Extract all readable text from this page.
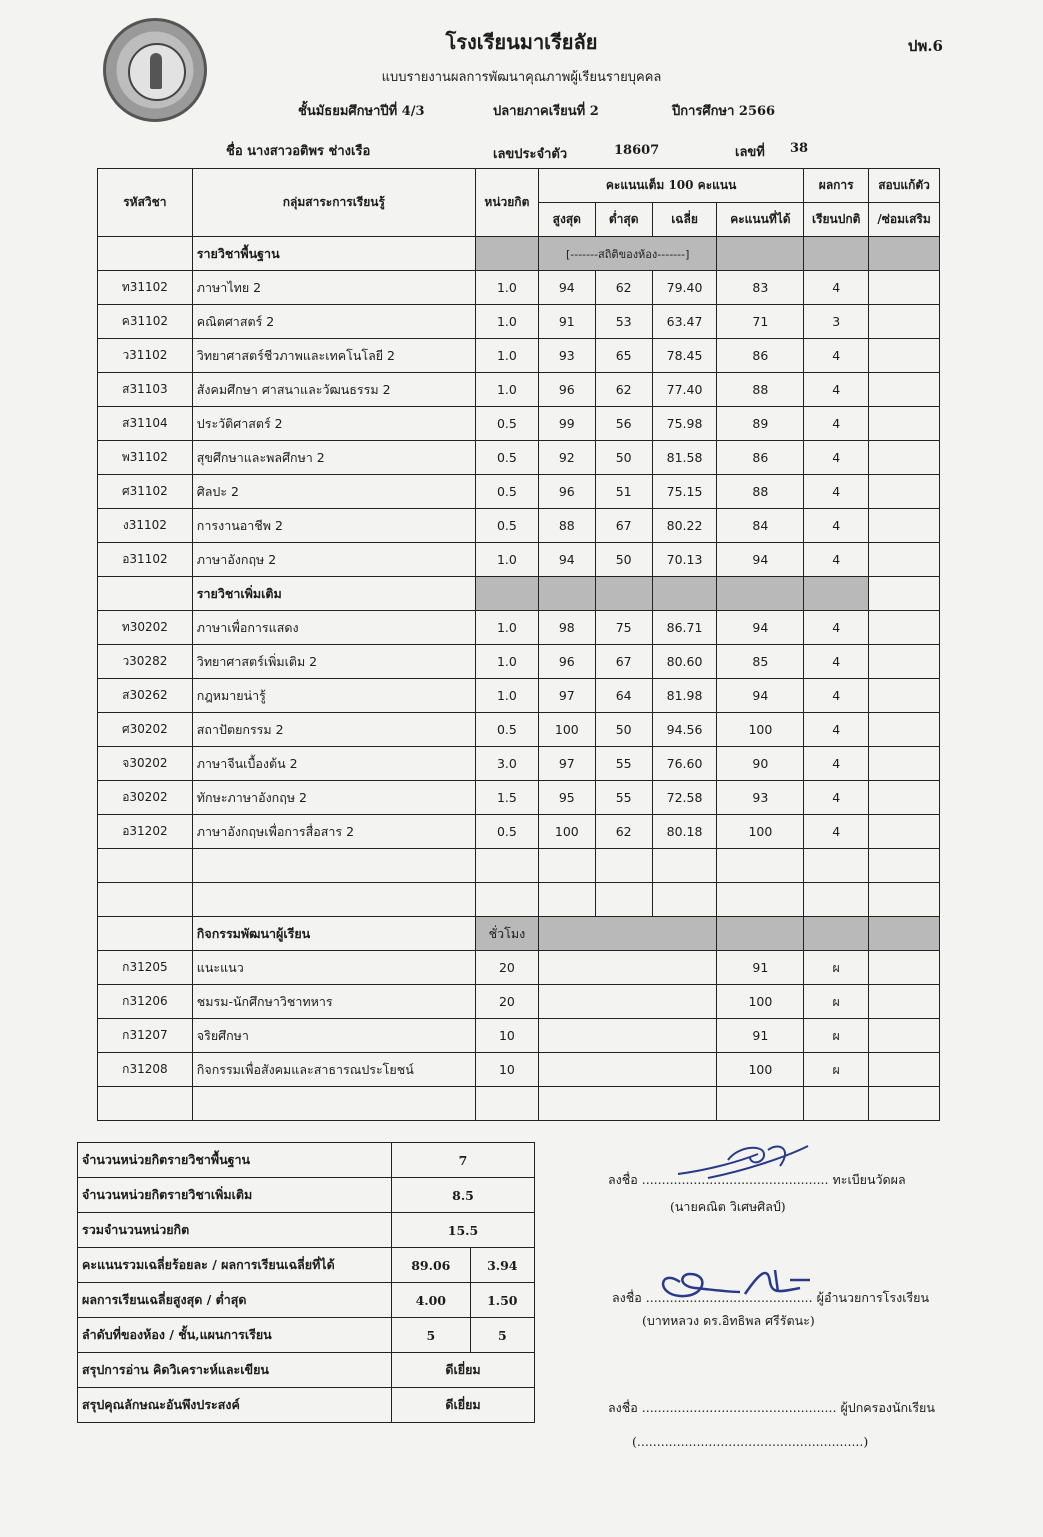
โรงเรียนมาเรียลัย	ปพ.6
แบบรายงานผลการพัฒนาคุณภาพผู้เรียนรายบุคคล
ชั้นมัธยมศึกษาปีที่ 4/3	ปลายภาคเรียนที่ 2	ปีการศึกษา 2566
ชื่อ นางสาวอติพร ช่างเรือ	เลขประจำตัว	18607	เลขที่ 38
รหัสวิชา	กลุ่มสาระการเรียนรู้	หน่วยกิต	คะแนนเต็ม 100 คะแนน				ผลการ	สอบแก้ตัว
			สูงสุด	ต่ำสุด	เฉลี่ย	คะแนนที่ได้	เรียนปกติ	/ซ่อมเสริม
	รายวิชาพื้นฐาน		[-------สถิติของห้อง-------]					
ท31102	ภาษาไทย 2	1.0	94	62	79.40	83	4	
ค31102	คณิตศาสตร์ 2	1.0	91	53	63.47	71	3	
ว31102	วิทยาศาสตร์ชีวภาพและเทคโนโลยี 2	1.0	93	65	78.45	86	4	
ส31103	สังคมศึกษา ศาสนาและวัฒนธรรม 2	1.0	96	62	77.40	88	4	
ส31104	ประวัติศาสตร์ 2	0.5	99	56	75.98	89	4	
พ31102	สุขศึกษาและพลศึกษา 2	0.5	92	50	81.58	86	4	
ศ31102	ศิลปะ 2	0.5	96	51	75.15	88	4	
ง31102	การงานอาชีพ 2	0.5	88	67	80.22	84	4	
อ31102	ภาษาอังกฤษ 2	1.0	94	50	70.13	94	4	
	รายวิชาเพิ่มเติม							
ท30202	ภาษาเพื่อการแสดง	1.0	98	75	86.71	94	4	
ว30282	วิทยาศาสตร์เพิ่มเติม 2	1.0	96	67	80.60	85	4	
ส30262	กฎหมายน่ารู้	1.0	97	64	81.98	94	4	
ศ30202	สถาปัตยกรรม 2	0.5	100	50	94.56	100	4	
จ30202	ภาษาจีนเบื้องต้น 2	3.0	97	55	76.60	90	4	
อ30202	ทักษะภาษาอังกฤษ 2	1.5	95	55	72.58	93	4	
อ31202	ภาษาอังกฤษเพื่อการสื่อสาร 2	0.5	100	62	80.18	100	4	

	กิจกรรมพัฒนาผู้เรียน	ชั่วโมง						
ก31205	แนะแนว	20				91	ผ	
ก31206	ชมรม-นักศึกษาวิชาทหาร	20				100	ผ	
ก31207	จริยศึกษา	10				91	ผ	
ก31208	กิจกรรมเพื่อสังคมและสาธารณประโยชน์	10				100	ผ	

จำนวนหน่วยกิตรายวิชาพื้นฐาน	7	
จำนวนหน่วยกิตรายวิชาเพิ่มเติม	8.5	
รวมจำนวนหน่วยกิต	15.5	
คะแนนรวมเฉลี่ยร้อยละ / ผลการเรียนเฉลี่ยที่ได้	89.06	3.94
ผลการเรียนเฉลี่ยสูงสุด / ต่ำสุด	4.00	1.50
ลำดับที่ของห้อง / ชั้น,แผนการเรียน	5	5
สรุปการอ่าน คิดวิเคราะห์และเขียน	ดีเยี่ยม	
สรุปคุณลักษณะอันพึงประสงค์	ดีเยี่ยม	
ลงชื่อ ............................................... ทะเบียนวัดผล
(นายคณิต วิเศษศิลป์)
ลงชื่อ .......................................... ผู้อำนวยการโรงเรียน
(บาทหลวง ดร.อิทธิพล ศรีรัตนะ)
ลงชื่อ ................................................. ผู้ปกครองนักเรียน
(.........................................................)
